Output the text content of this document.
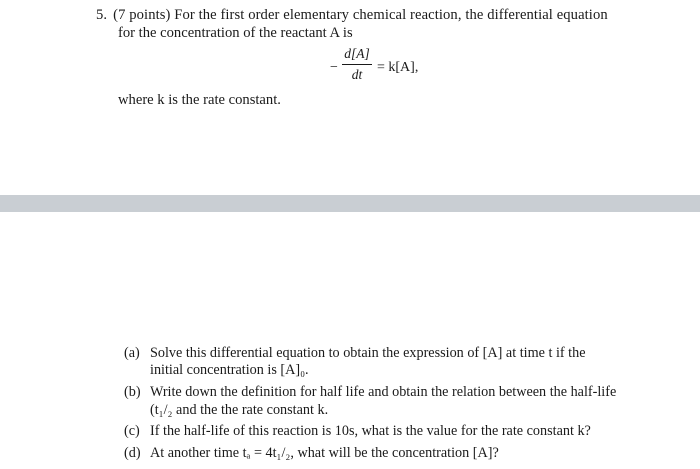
5. (7 points) For the first order elementary chemical reaction, the differential equation
for the concentration of the reactant A is
−
d[A]
dt	= k[A],
where k is the rate constant.
(a) Solve this differential equation to obtain the expression of [A] at time t if the
initial concentration is [A]₀.
(b) Write down the definition for half life and obtain the relation between the half-life
(t₁/₂ and the the rate constant k.
(c) If the half-life of this reaction is 10s, what is the value for the rate constant k?
(d) At another time tₐ = 4t₁/₂, what will be the concentration [A]?
